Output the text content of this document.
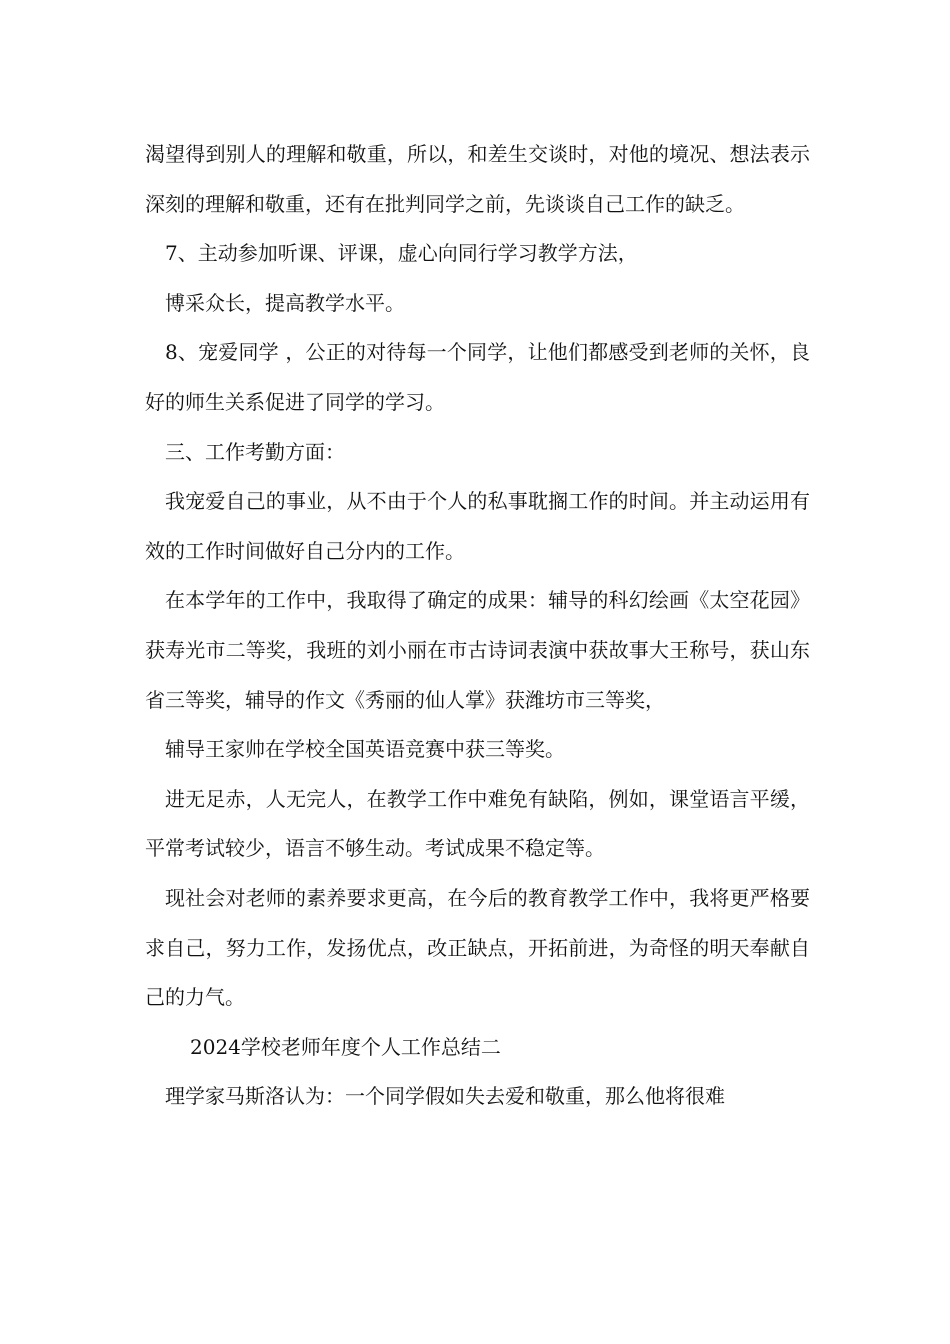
渴望得到别人的理解和敬重，所以，和差生交谈时，对他的境况、想法表示深刻的理解和敬重，还有在批判同学之前，先谈谈自己工作的缺乏。

7、主动参加听课、评课，虚心向同行学习教学方法，

博采众长，提高教学水平。

8、宠爱同学 ，公正的对待每一个同学，让他们都感受到老师的关怀，良好的师生关系促进了同学的学习。

三、工作考勤方面：

我宠爱自己的事业，从不由于个人的私事耽搁工作的时间。并主动运用有效的工作时间做好自己分内的工作。

在本学年的工作中，我取得了确定的成果：辅导的科幻绘画《太空花园》获寿光市二等奖，我班的刘小丽在市古诗词表演中获故事大王称号，获山东省三等奖，辅导的作文《秀丽的仙人掌》获潍坊市三等奖，

辅导王家帅在学校全国英语竞赛中获三等奖。

进无足赤，人无完人，在教学工作中难免有缺陷，例如，课堂语言平缓，平常考试较少，语言不够生动。考试成果不稳定等。

现社会对老师的素养要求更高，在今后的教育教学工作中，我将更严格要求自己，努力工作，发扬优点，改正缺点，开拓前进，为奇怪的明天奉献自己的力气。

2024学校老师年度个人工作总结二

理学家马斯洛认为：一个同学假如失去爱和敬重，那么他将很难
